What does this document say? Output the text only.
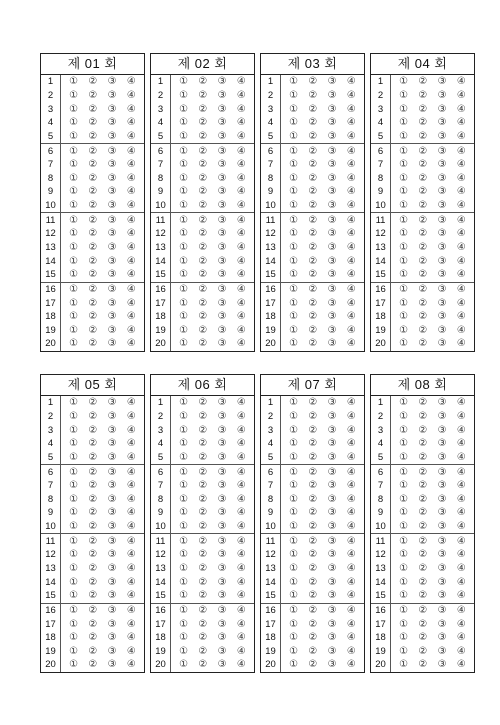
제 01 회
1	① ② ③ ④
2	① ② ③ ④
3	① ② ③ ④
4	① ② ③ ④
5	① ② ③ ④
6	① ② ③ ④
7	① ② ③ ④
8	① ② ③ ④
9	① ② ③ ④
10	① ② ③ ④
11	① ② ③ ④
12	① ② ③ ④
13	① ② ③ ④
14	① ② ③ ④
15	① ② ③ ④
16	① ② ③ ④
17	① ② ③ ④
18	① ② ③ ④
19	① ② ③ ④
20	① ② ③ ④
제 02 회
1	① ② ③ ④
2	① ② ③ ④
3	① ② ③ ④
4	① ② ③ ④
5	① ② ③ ④
6	① ② ③ ④
7	① ② ③ ④
8	① ② ③ ④
9	① ② ③ ④
10	① ② ③ ④
11	① ② ③ ④
12	① ② ③ ④
13	① ② ③ ④
14	① ② ③ ④
15	① ② ③ ④
16	① ② ③ ④
17	① ② ③ ④
18	① ② ③ ④
19	① ② ③ ④
20	① ② ③ ④
제 03 회
1	① ② ③ ④
2	① ② ③ ④
3	① ② ③ ④
4	① ② ③ ④
5	① ② ③ ④
6	① ② ③ ④
7	① ② ③ ④
8	① ② ③ ④
9	① ② ③ ④
10	① ② ③ ④
11	① ② ③ ④
12	① ② ③ ④
13	① ② ③ ④
14	① ② ③ ④
15	① ② ③ ④
16	① ② ③ ④
17	① ② ③ ④
18	① ② ③ ④
19	① ② ③ ④
20	① ② ③ ④
제 04 회
1	① ② ③ ④
2	① ② ③ ④
3	① ② ③ ④
4	① ② ③ ④
5	① ② ③ ④
6	① ② ③ ④
7	① ② ③ ④
8	① ② ③ ④
9	① ② ③ ④
10	① ② ③ ④
11	① ② ③ ④
12	① ② ③ ④
13	① ② ③ ④
14	① ② ③ ④
15	① ② ③ ④
16	① ② ③ ④
17	① ② ③ ④
18	① ② ③ ④
19	① ② ③ ④
20	① ② ③ ④
제 05 회
1	① ② ③ ④
2	① ② ③ ④
3	① ② ③ ④
4	① ② ③ ④
5	① ② ③ ④
6	① ② ③ ④
7	① ② ③ ④
8	① ② ③ ④
9	① ② ③ ④
10	① ② ③ ④
11	① ② ③ ④
12	① ② ③ ④
13	① ② ③ ④
14	① ② ③ ④
15	① ② ③ ④
16	① ② ③ ④
17	① ② ③ ④
18	① ② ③ ④
19	① ② ③ ④
20	① ② ③ ④
제 06 회
1	① ② ③ ④
2	① ② ③ ④
3	① ② ③ ④
4	① ② ③ ④
5	① ② ③ ④
6	① ② ③ ④
7	① ② ③ ④
8	① ② ③ ④
9	① ② ③ ④
10	① ② ③ ④
11	① ② ③ ④
12	① ② ③ ④
13	① ② ③ ④
14	① ② ③ ④
15	① ② ③ ④
16	① ② ③ ④
17	① ② ③ ④
18	① ② ③ ④
19	① ② ③ ④
20	① ② ③ ④
제 07 회
1	① ② ③ ④
2	① ② ③ ④
3	① ② ③ ④
4	① ② ③ ④
5	① ② ③ ④
6	① ② ③ ④
7	① ② ③ ④
8	① ② ③ ④
9	① ② ③ ④
10	① ② ③ ④
11	① ② ③ ④
12	① ② ③ ④
13	① ② ③ ④
14	① ② ③ ④
15	① ② ③ ④
16	① ② ③ ④
17	① ② ③ ④
18	① ② ③ ④
19	① ② ③ ④
20	① ② ③ ④
제 08 회
1	① ② ③ ④
2	① ② ③ ④
3	① ② ③ ④
4	① ② ③ ④
5	① ② ③ ④
6	① ② ③ ④
7	① ② ③ ④
8	① ② ③ ④
9	① ② ③ ④
10	① ② ③ ④
11	① ② ③ ④
12	① ② ③ ④
13	① ② ③ ④
14	① ② ③ ④
15	① ② ③ ④
16	① ② ③ ④
17	① ② ③ ④
18	① ② ③ ④
19	① ② ③ ④
20	① ② ③ ④
